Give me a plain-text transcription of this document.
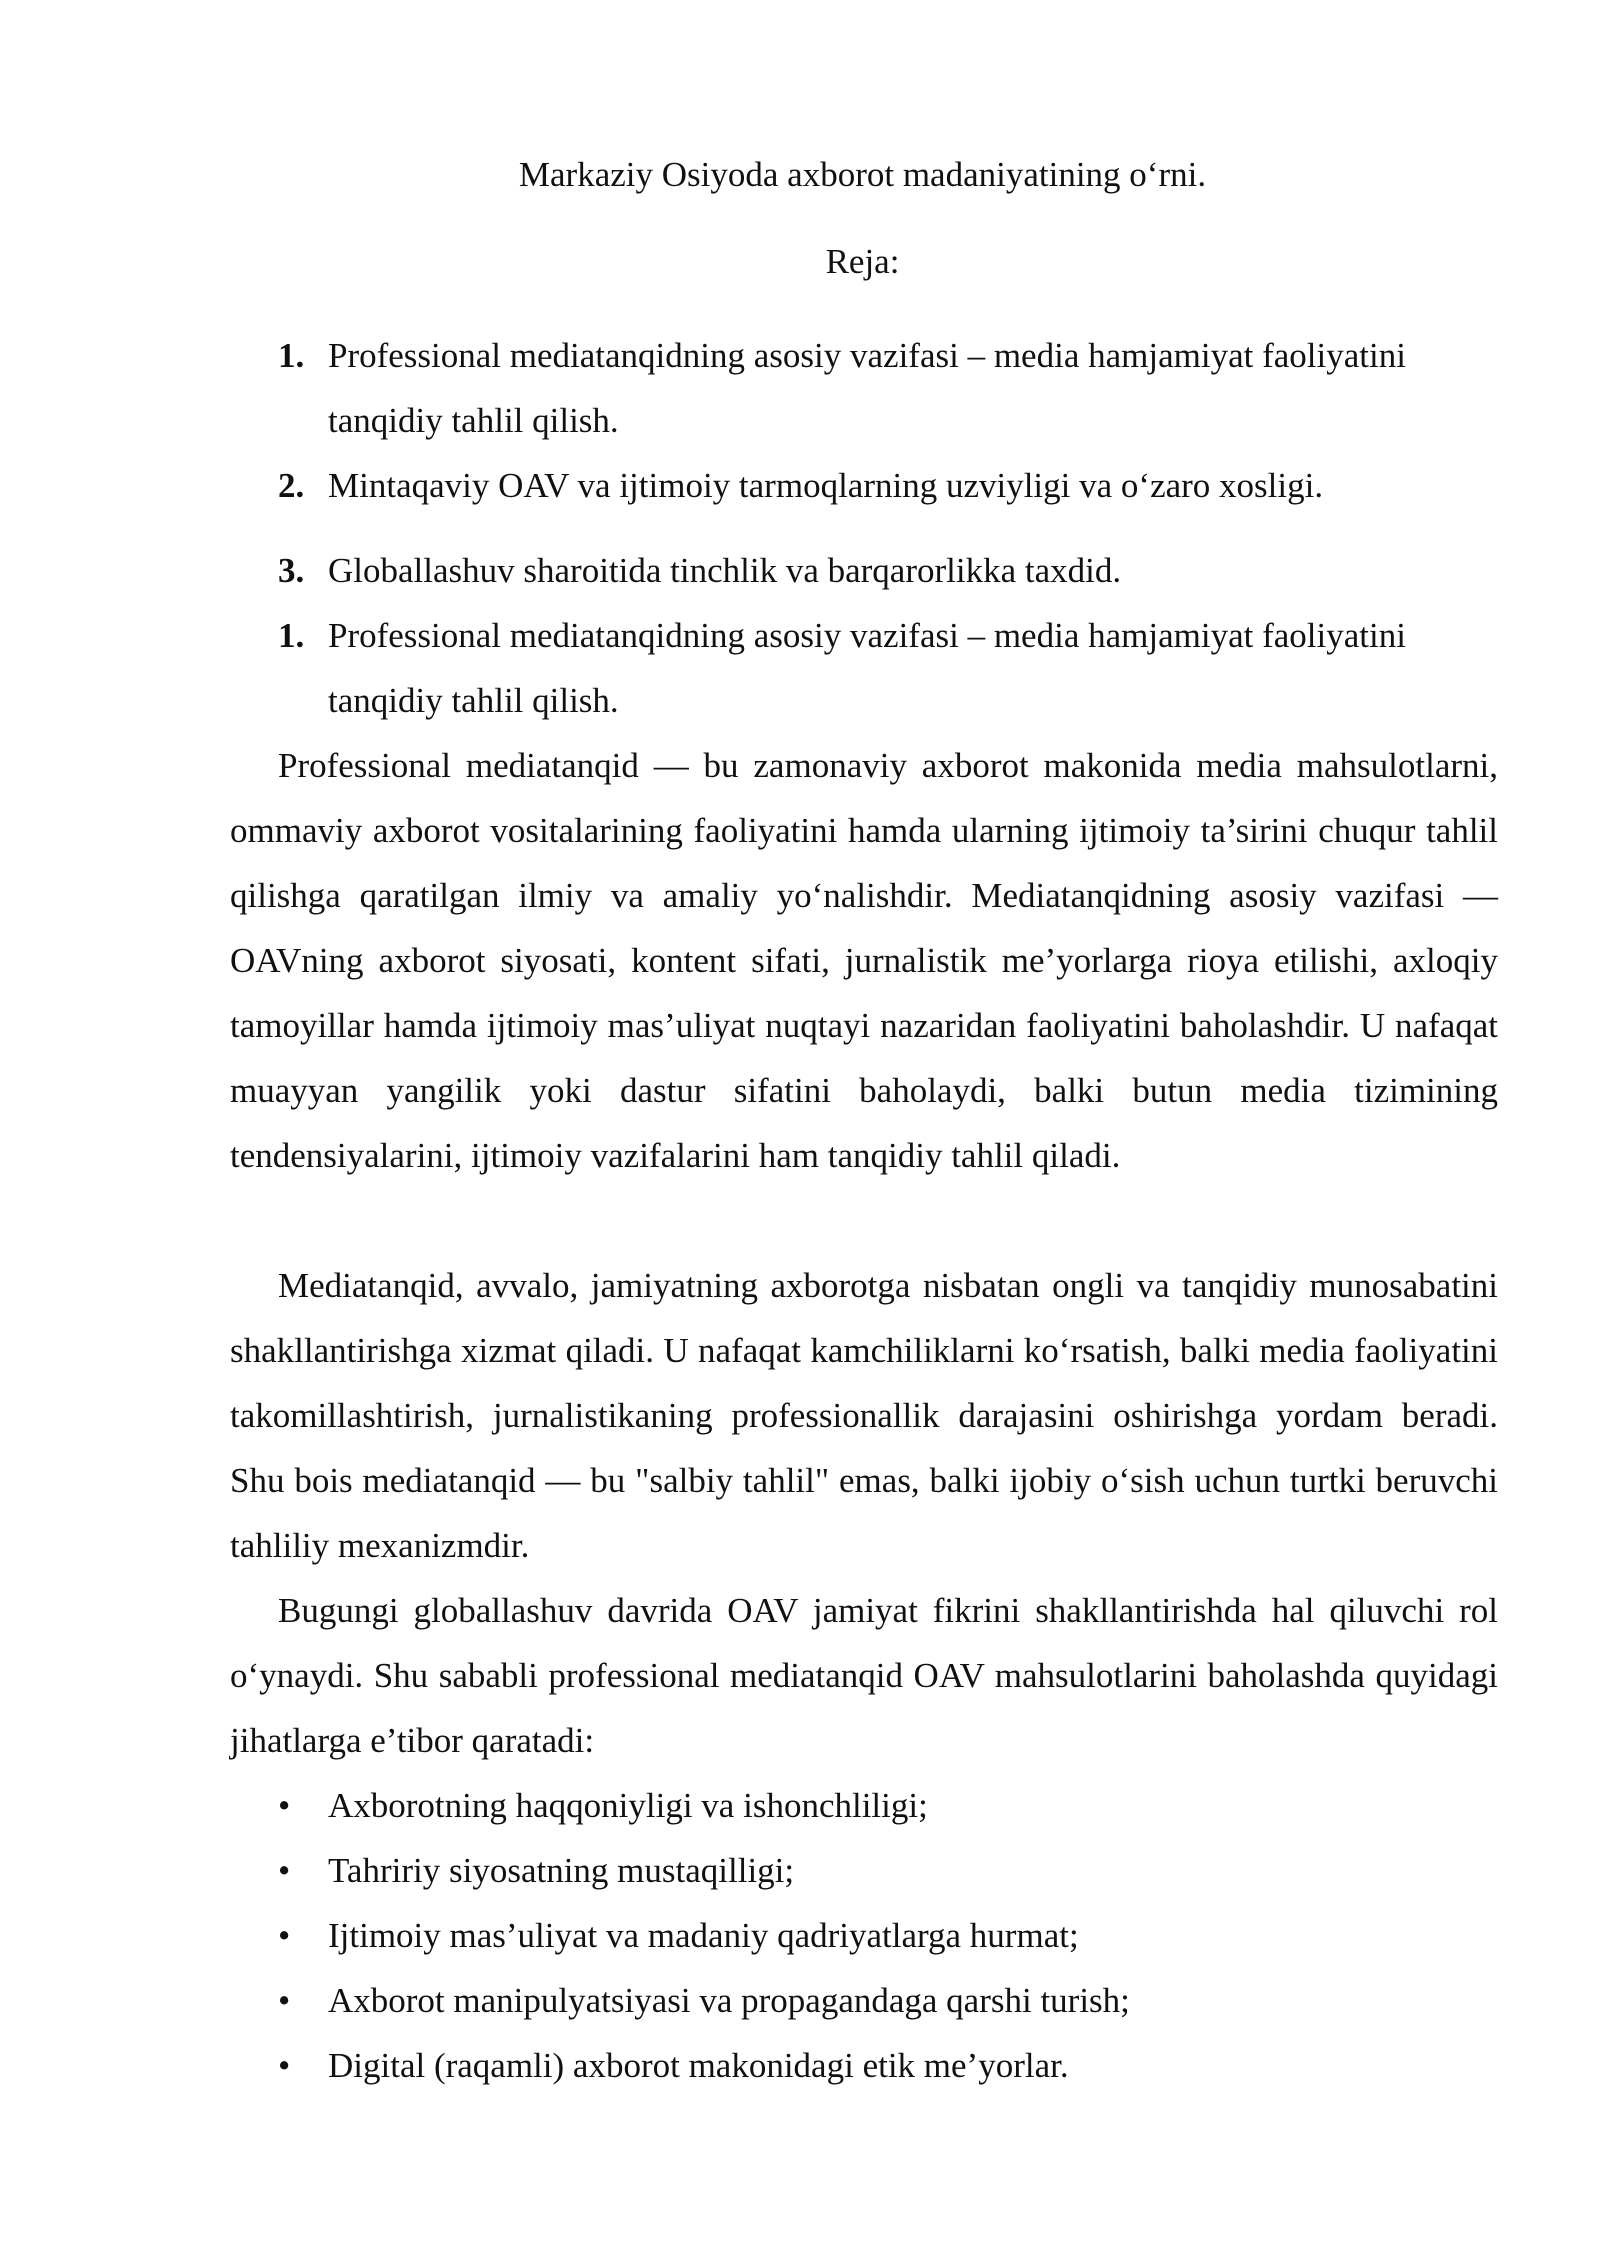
Markaziy Osiyoda axborot madaniyatining o‘rni.
Reja:
1. Professional mediatanqidning asosiy vazifasi – media hamjamiyat faoliyatini tanqidiy tahlil qilish.
2. Mintaqaviy OAV va ijtimoiy tarmoqlarning uzviyligi va o‘zaro xosligi.
3. Globallashuv sharoitida tinchlik va barqarorlikka taxdid.
1. Professional mediatanqidning asosiy vazifasi – media hamjamiyat faoliyatini tanqidiy tahlil qilish.

Professional mediatanqid — bu zamonaviy axborot makonida media mahsulotlarni, ommaviy axborot vositalarining faoliyatini hamda ularning ijtimoiy ta’sirini chuqur tahlil qilishga qaratilgan ilmiy va amaliy yo‘nalishdir. Mediatanqidning asosiy vazifasi — OAVning axborot siyosati, kontent sifati, jurnalistik me’yorlarga rioya etilishi, axloqiy tamoyillar hamda ijtimoiy mas’uliyat nuqtayi nazaridan faoliyatini baholashdir. U nafaqat muayyan yangilik yoki dastur sifatini baholaydi, balki butun media tizimining tendensiyalarini, ijtimoiy vazifalarini ham tanqidiy tahlil qiladi.

Mediatanqid, avvalo, jamiyatning axborotga nisbatan ongli va tanqidiy munosabatini shakllantirishga xizmat qiladi. U nafaqat kamchiliklarni ko‘rsatish, balki media faoliyatini takomillashtirish, jurnalistikaning professionallik darajasini oshirishga yordam beradi. Shu bois mediatanqid — bu "salbiy tahlil" emas, balki ijobiy o‘sish uchun turtki beruvchi tahliliy mexanizmdir.

Bugungi globallashuv davrida OAV jamiyat fikrini shakllantirishda hal qiluvchi rol o‘ynaydi. Shu sababli professional mediatanqid OAV mahsulotlarini baholashda quyidagi jihatlarga e’tibor qaratadi:

•	Axborotning haqqoniyligi va ishonchliligi;
•	Tahririy siyosatning mustaqilligi;
•	Ijtimoiy mas’uliyat va madaniy qadriyatlarga hurmat;
•	Axborot manipulyatsiyasi va propagandaga qarshi turish;
•	Digital (raqamli) axborot makonidagi etik me’yorlar.
